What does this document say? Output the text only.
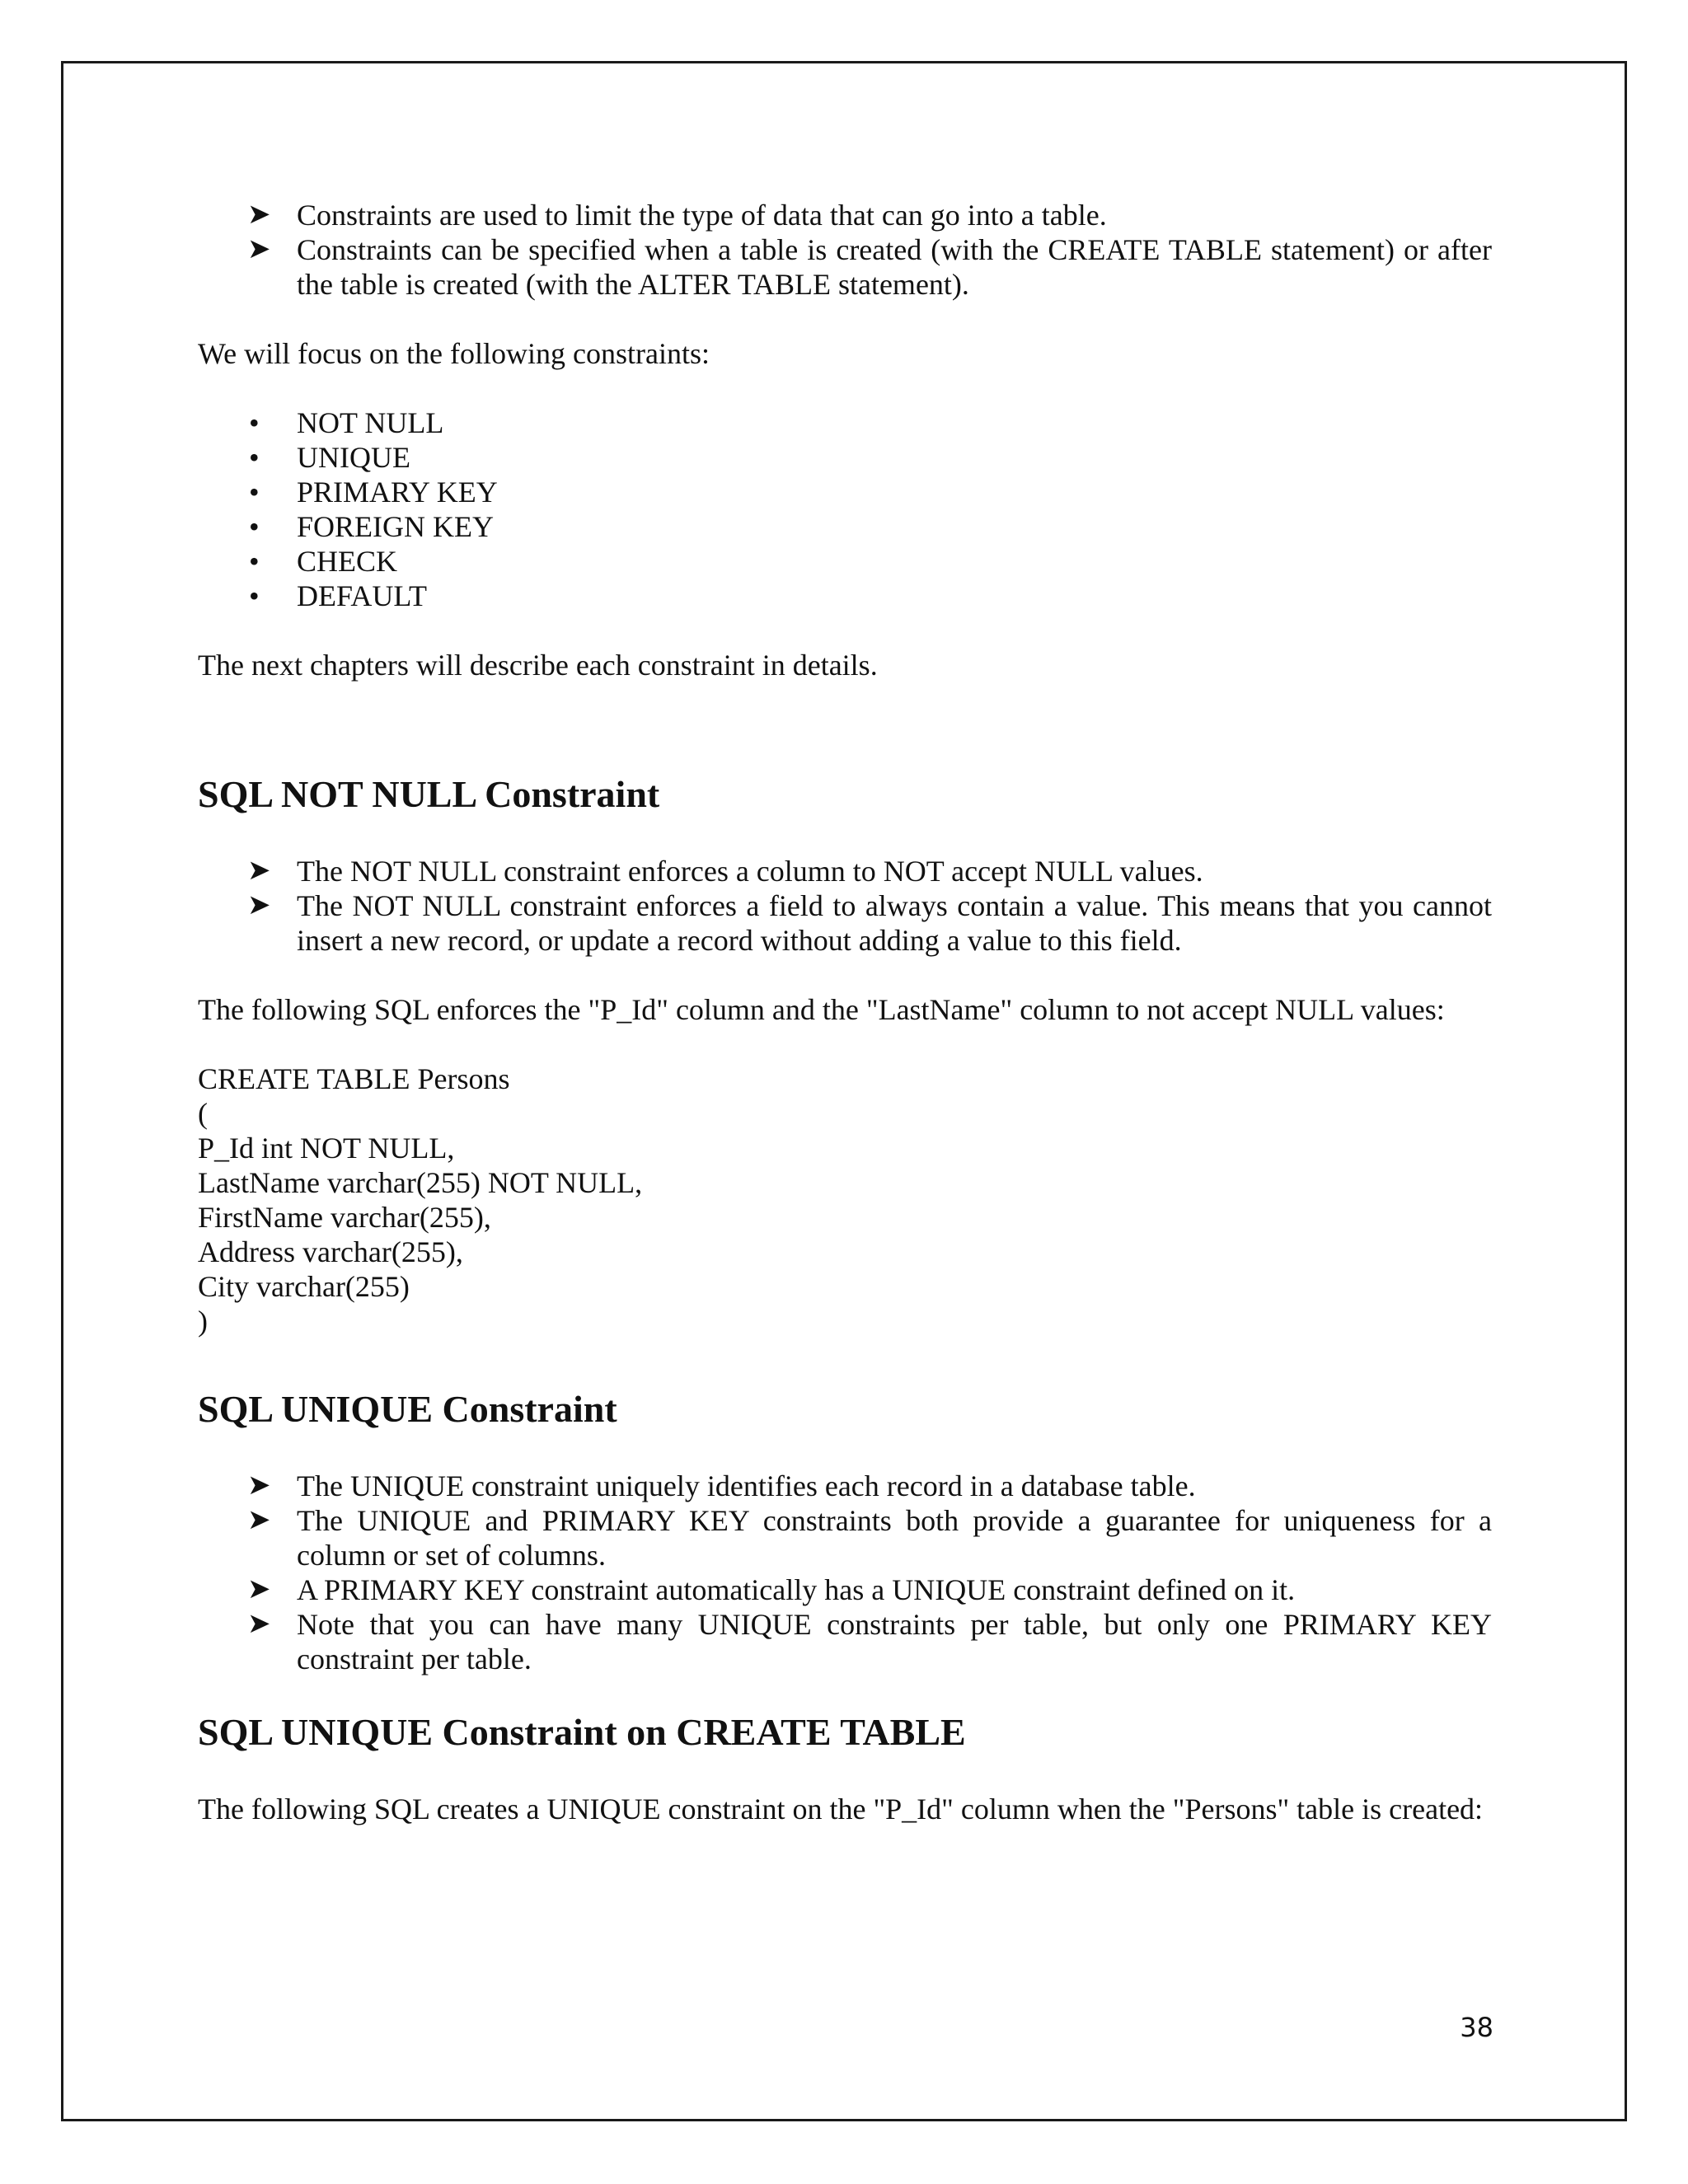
➤ Constraints are used to limit the type of data that can go into a table.
➤ Constraints can be specified when a table is created (with the CREATE TABLE statement) or after the table is created (with the ALTER TABLE statement).

We will focus on the following constraints:

• NOT NULL
• UNIQUE
• PRIMARY KEY
• FOREIGN KEY
• CHECK
• DEFAULT

The next chapters will describe each constraint in details.

SQL NOT NULL Constraint
➤ The NOT NULL constraint enforces a column to NOT accept NULL values.
➤ The NOT NULL constraint enforces a field to always contain a value. This means that you cannot insert a new record, or update a record without adding a value to this field.

The following SQL enforces the "P_Id" column and the "LastName" column to not accept NULL values:

CREATE TABLE Persons

(

P_Id int NOT NULL,

LastName varchar(255) NOT NULL,

FirstName varchar(255),

Address varchar(255),

City varchar(255)

)

SQL UNIQUE Constraint
➤ The UNIQUE constraint uniquely identifies each record in a database table.
➤ The UNIQUE and PRIMARY KEY constraints both provide a guarantee for uniqueness for a column or set of columns.
➤ A PRIMARY KEY constraint automatically has a UNIQUE constraint defined on it.
➤ Note that you can have many UNIQUE constraints per table, but only one PRIMARY KEY constraint per table.
SQL UNIQUE Constraint on CREATE TABLE

The following SQL creates a UNIQUE constraint on the "P_Id" column when the "Persons" table is created:

38
